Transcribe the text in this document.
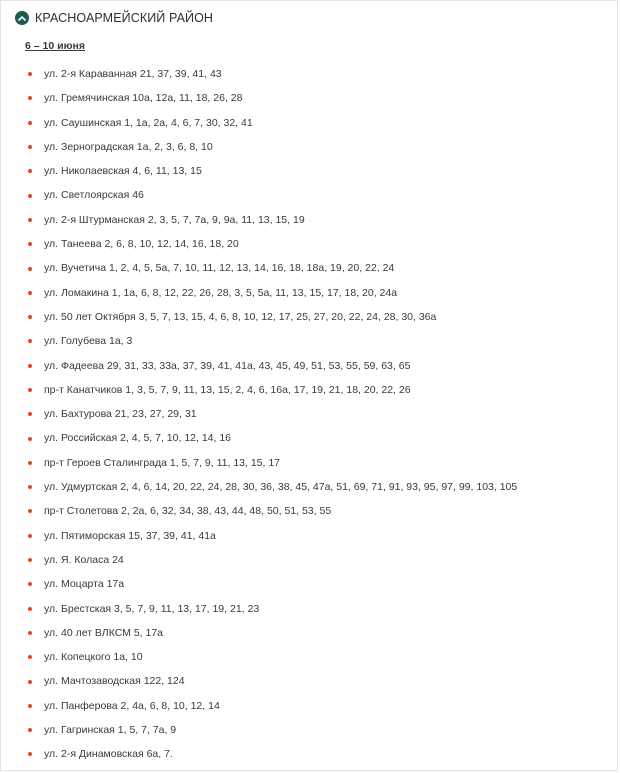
КРАСНОАРМЕЙСКИЙ РАЙОН
6 – 10 июня
ул. 2-я Караванная 21, 37, 39, 41, 43
ул. Гремячинская 10а, 12а, 11, 18, 26, 28
ул. Саушинская 1, 1а, 2а, 4, 6, 7, 30, 32, 41
ул. Зерноградская 1а, 2, 3, 6, 8, 10
ул. Николаевская 4, 6, 11, 13, 15
ул. Светлоярская 46
ул. 2-я Штурманская 2, 3, 5, 7, 7а, 9, 9а, 11, 13, 15, 19
ул. Танеева 2, 6, 8, 10, 12, 14, 16, 18, 20
ул. Вучетича 1, 2, 4, 5, 5а, 7, 10, 11, 12, 13, 14, 16, 18, 18а, 19, 20, 22, 24
ул. Ломакина 1, 1а, 6, 8, 12, 22, 26, 28, 3, 5, 5а, 11, 13, 15, 17, 18, 20, 24а
ул. 50 лет Октября 3, 5, 7, 13, 15, 4, 6, 8, 10, 12, 17, 25, 27, 20, 22, 24, 28, 30, 36а
ул. Голубева 1а, 3
ул. Фадеева 29, 31, 33, 33а, 37, 39, 41, 41а, 43, 45, 49, 51, 53, 55, 59, 63, 65
пр-т Канатчиков 1, 3, 5, 7, 9, 11, 13, 15, 2, 4, 6, 16а, 17, 19, 21, 18, 20, 22, 26
ул. Бахтурова 21, 23, 27, 29, 31
ул. Российская 2, 4, 5, 7, 10, 12, 14, 16
пр-т Героев Сталинграда 1, 5, 7, 9, 11, 13, 15, 17
ул. Удмуртская 2, 4, 6, 14, 20, 22, 24, 28, 30, 36, 38, 45, 47а, 51, 69, 71, 91, 93, 95, 97, 99, 103, 105
пр-т Столетова 2, 2а, 6, 32, 34, 38, 43, 44, 48, 50, 51, 53, 55
ул. Пятиморская 15, 37, 39, 41, 41а
ул. Я. Коласа 24
ул. Моцарта 17а
ул. Брестская 3, 5, 7, 9, 11, 13, 17, 19, 21, 23
ул. 40 лет ВЛКСМ 5, 17а
ул. Копецкого 1а, 10
ул. Мачтозаводская 122, 124
ул. Панферова 2, 4а, 6, 8, 10, 12, 14
ул. Гагринская 1, 5, 7, 7а, 9
ул. 2-я Динамовская 6а, 7.
